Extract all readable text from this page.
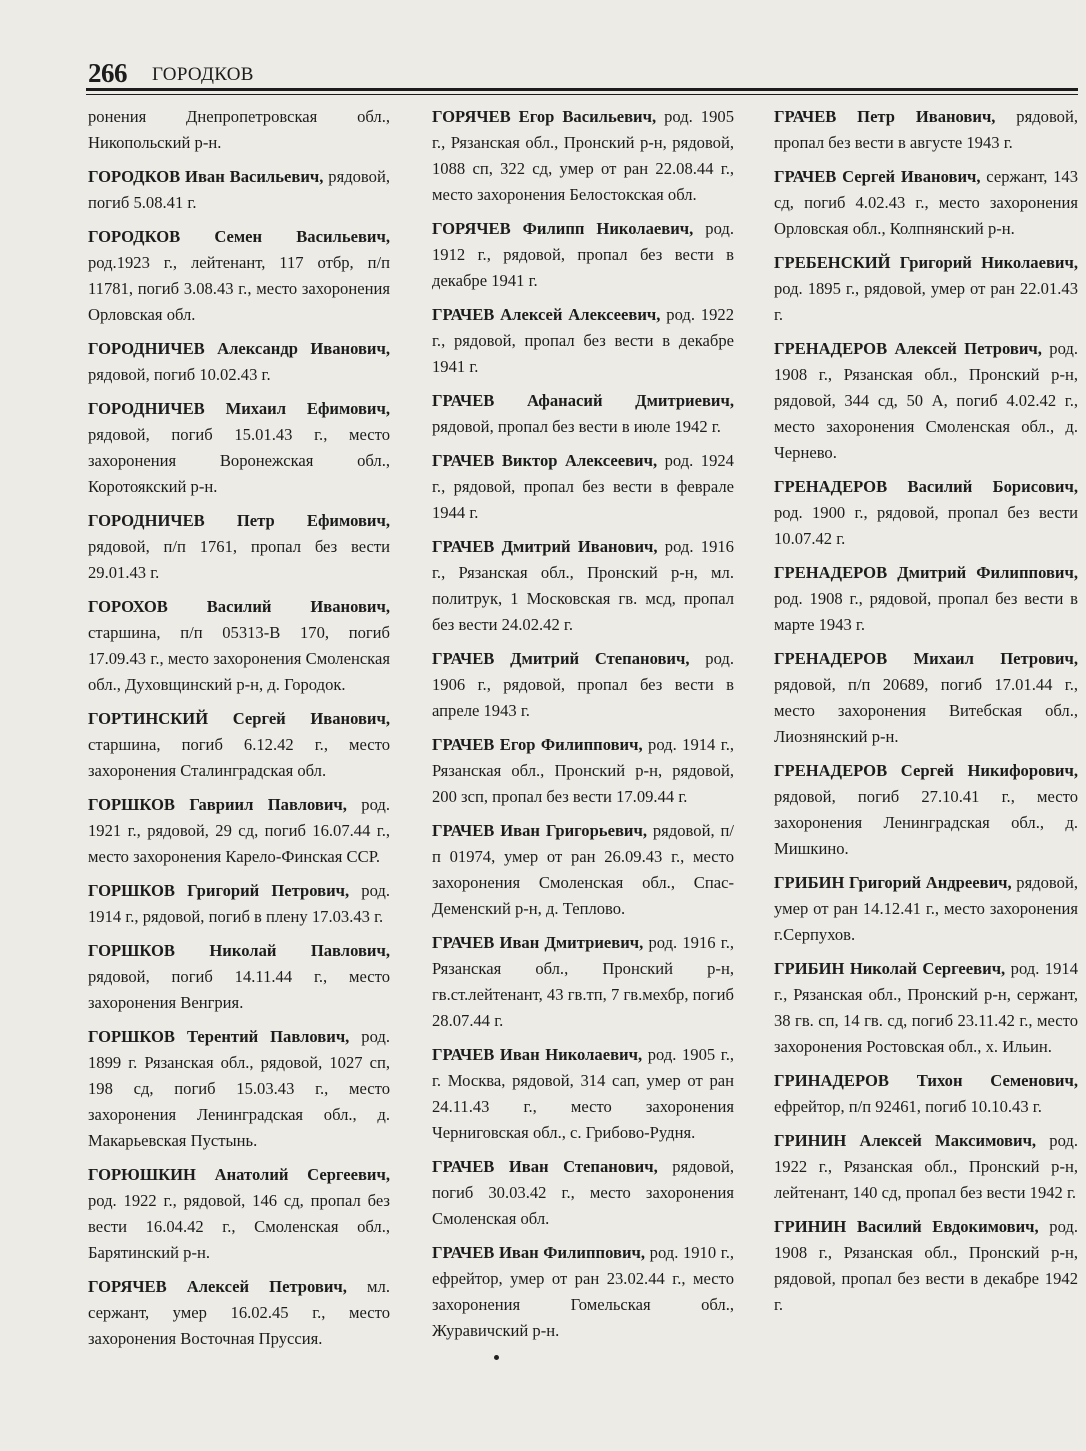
266 ГОРОДКОВ

ронения Днепропетровская обл., Никопольский р-н.

ГОРОДКОВ Иван Васильевич, рядовой, погиб 5.08.41 г.

ГОРОДКОВ Семен Васильевич, род.1923 г., лейтенант, 117 отбр, п/п 11781, погиб 3.08.43 г., место захоронения Орловская обл.

ГОРОДНИЧЕВ Александр Иванович, рядовой, погиб 10.02.43 г.

ГОРОДНИЧЕВ Михаил Ефимович, рядовой, погиб 15.01.43 г., место захоронения Воронежская обл., Коротоякский р-н.

ГОРОДНИЧЕВ Петр Ефимович, рядовой, п/п 1761, пропал без вести 29.01.43 г.

ГОРОХОВ Василий Иванович, старшина, п/п 05313-В 170, погиб 17.09.43 г., место захоронения Смоленская обл., Духовщинский р-н, д. Городок.

ГОРТИНСКИЙ Сергей Иванович, старшина, погиб 6.12.42 г., место захоронения Сталинградская обл.

ГОРШКОВ Гавриил Павлович, род. 1921 г., рядовой, 29 сд, погиб 16.07.44 г., место захоронения Карело-Финская ССР.

ГОРШКОВ Григорий Петрович, род. 1914 г., рядовой, погиб в плену 17.03.43 г.

ГОРШКОВ Николай Павлович, рядовой, погиб 14.11.44 г., место захоронения Венгрия.

ГОРШКОВ Терентий Павлович, род. 1899 г. Рязанская обл., рядовой, 1027 сп, 198 сд, погиб 15.03.43 г., место захоронения Ленинградская обл., д. Макарьевская Пустынь.

ГОРЮШКИН Анатолий Сергеевич, род. 1922 г., рядовой, 146 сд, пропал без вести 16.04.42 г., Смоленская обл., Барятинский р-н.

ГОРЯЧЕВ Алексей Петрович, мл. сержант, умер 16.02.45 г., место захоронения Восточная Пруссия.

ГОРЯЧЕВ Егор Васильевич, род. 1905 г., Рязанская обл., Пронский р-н, рядовой, 1088 сп, 322 сд, умер от ран 22.08.44 г., место захоронения Белостокская обл.

ГОРЯЧЕВ Филипп Николаевич, род. 1912 г., рядовой, пропал без вести в декабре 1941 г.

ГРАЧЕВ Алексей Алексеевич, род. 1922 г., рядовой, пропал без вести в декабре 1941 г.

ГРАЧЕВ Афанасий Дмитриевич, рядовой, пропал без вести в июле 1942 г.

ГРАЧЕВ Виктор Алексеевич, род. 1924 г., рядовой, пропал без вести в феврале 1944 г.

ГРАЧЕВ Дмитрий Иванович, род. 1916 г., Рязанская обл., Пронский р-н, мл. политрук, 1 Московская гв. мсд, пропал без вести 24.02.42 г.

ГРАЧЕВ Дмитрий Степанович, род. 1906 г., рядовой, пропал без вести в апреле 1943 г.

ГРАЧЕВ Егор Филиппович, род. 1914 г., Рязанская обл., Пронский р-н, рядовой, 200 зсп, пропал без вести 17.09.44 г.

ГРАЧЕВ Иван Григорьевич, рядовой, п/п 01974, умер от ран 26.09.43 г., место захоронения Смоленская обл., Спас-Деменский р-н, д. Теплово.

ГРАЧЕВ Иван Дмитриевич, род. 1916 г., Рязанская обл., Пронский р-н, гв.ст.лейтенант, 43 гв.тп, 7 гв.мехбр, погиб 28.07.44 г.

ГРАЧЕВ Иван Николаевич, род. 1905 г., г. Москва, рядовой, 314 сап, умер от ран 24.11.43 г., место захоронения Черниговская обл., с. Грибово-Рудня.

ГРАЧЕВ Иван Степанович, рядовой, погиб 30.03.42 г., место захоронения Смоленская обл.

ГРАЧЕВ Иван Филиппович, род. 1910 г., ефрейтор, умер от ран 23.02.44 г., место захоронения Гомельская обл., Журавичский р-н.

ГРАЧЕВ Петр Иванович, рядовой, пропал без вести в августе 1943 г.

ГРАЧЕВ Сергей Иванович, сержант, 143 сд, погиб 4.02.43 г., место захоронения Орловская обл., Колпнянский р-н.

ГРЕБЕНСКИЙ Григорий Николаевич, род. 1895 г., рядовой, умер от ран 22.01.43 г.

ГРЕНАДЕРОВ Алексей Петрович, род. 1908 г., Рязанская обл., Пронский р-н, рядовой, 344 сд, 50 А, погиб 4.02.42 г., место захоронения Смоленская обл., д. Чернево.

ГРЕНАДЕРОВ Василий Борисович, род. 1900 г., рядовой, пропал без вести 10.07.42 г.

ГРЕНАДЕРОВ Дмитрий Филиппович, род. 1908 г., рядовой, пропал без вести в марте 1943 г.

ГРЕНАДЕРОВ Михаил Петрович, рядовой, п/п 20689, погиб 17.01.44 г., место захоронения Витебская обл., Лиознянский р-н.

ГРЕНАДЕРОВ Сергей Никифорович, рядовой, погиб 27.10.41 г., место захоронения Ленинградская обл., д. Мишкино.

ГРИБИН Григорий Андреевич, рядовой, умер от ран 14.12.41 г., место захоронения г.Серпухов.

ГРИБИН Николай Сергеевич, род. 1914 г., Рязанская обл., Пронский р-н, сержант, 38 гв. сп, 14 гв. сд, погиб 23.11.42 г., место захоронения Ростовская обл., х. Ильин.

ГРИНАДЕРОВ Тихон Семенович, ефрейтор, п/п 92461, погиб 10.10.43 г.

ГРИНИН Алексей Максимович, род. 1922 г., Рязанская обл., Пронский р-н, лейтенант, 140 сд, пропал без вести 1942 г.

ГРИНИН Василий Евдокимович, род. 1908 г., Рязанская обл., Пронский р-н, рядовой, пропал без вести в декабре 1942 г.
